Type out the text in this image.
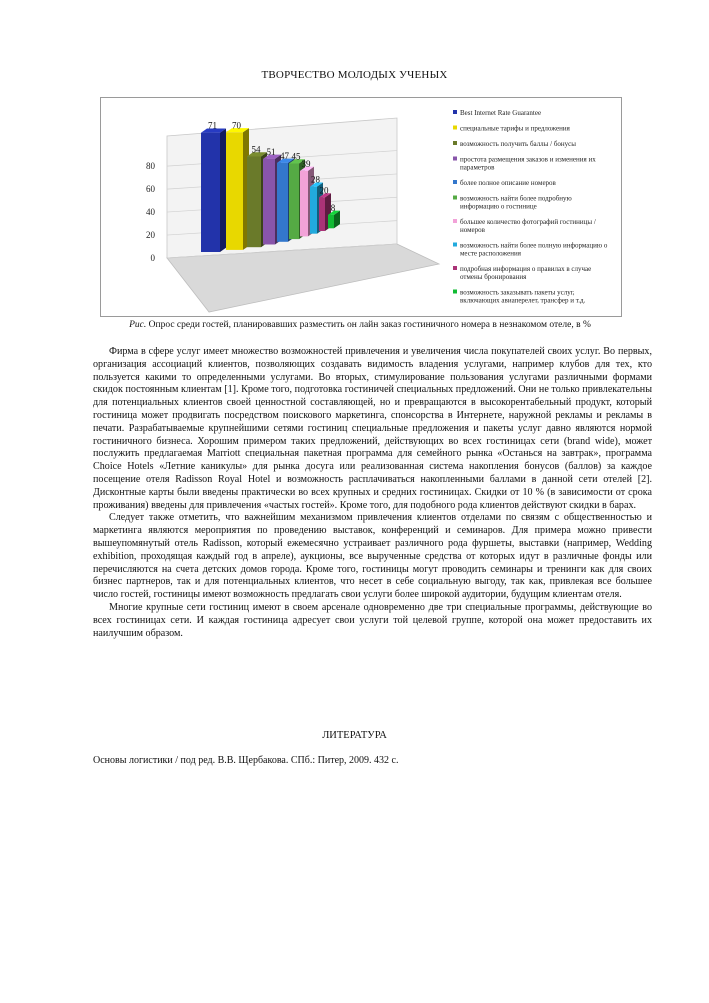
ТВОРЧЕСТВО МОЛОДЫХ УЧЕНЫХ
0
20
40
60
80
71 70
54 51 47 45
39
28
20
8
Best Internet Rate Guarantee
специальные тарифы и предложения
возможность получить баллы / бонусы
простота размещения заказов и изменения их
параметров
более полное описание номеров
возможность найти более подробную
информацию о гостинице
большее количество фотографий гостиницы /
номеров
возможность найти более полную информацию о
месте расположения
подробная информация о правилах в случае
отмены бронирования
возможность заказывать пакеты услуг,
включающих авиаперелет, трансфер и т.д.
Рис. Опрос среди гостей, планировавших разместить он лайн заказ гостиничного номера в незнакомом отеле, в %

Фирма в сфере услуг имеет множество возможностей привлечения и увеличения числа покупателей своих услуг. Во первых, организация ассоциаций клиентов, позволяющих создавать видимость владения услугами, например клубов для тех, кто пользуется какими то определенными услугами. Во вторых, стимулирование пользования услугами различными формами скидок постоянным клиентам [1]. Кроме того, подготовка гостиничей специальных предложений. Они не только привлекательны для потенциальных клиентов своей ценностной составляющей, но и превращаются в высокорентабельный продукт, который гостиница может продвигать посредством поискового маркетинга, спонсорства в Интернете, наружной рекламы и рекламы в печати. Разрабатываемые крупнейшими сетями гостиниц специальные предложения и пакеты услуг давно являются нормой гостиничного бизнеса. Хорошим примером таких предложений, действующих во всех гостиницах сети (brand wide), может послужить предлагаемая Marriott специальная пакетная программа для семейного рынка «Останься на завтрак», программа Choice Hotels «Летние каникулы» для рынка досуга или реализованная система накопления бонусов (баллов) за каждое посещение отеля Radisson Royal Hotel и возможность расплачиваться накопленными баллами в данной сети отелей [2]. Дисконтные карты были введены практически во всех крупных и средних гостиницах. Скидки от 10 % (в зависимости от срока проживания) введены для привлечения «частых гостей». Кроме того, для подобного рода клиентов действуют скидки в барах.

Следует также отметить, что важнейшим механизмом привлечения клиентов отделами по связям с общественностью и маркетинга являются мероприятия по проведению выставок, конференций и семинаров. Для примера можно привести вышеупомянутый отель Radisson, который ежемесячно устраивает различного рода фуршеты, выставки (например, Wedding exhibition, проходящая каждый год в апреле), аукционы, все вырученные средства от которых идут в различные фонды или перечисляются на счета детских домов города. Кроме того, гостиницы могут проводить семинары и тренинги как для своих бизнес партнеров, так и для потенциальных клиентов, что несет в себе социальную выгоду, так как, привлекая все большее число гостей, гостиницы имеют возможность предлагать свои услуги более широкой аудитории, будущим клиентам отеля.

Многие крупные сети гостиниц имеют в своем арсенале одновременно две три специальные программы, действующие во всех гостиницах сети. И каждая гостиница адресует свои услуги той целевой группе, которой она может предоставить их наилучшим образом.

ЛИТЕРАТУРА
Основы логистики / под ред. В.В. Щербакова. СПб.: Питер, 2009. 432 с.
